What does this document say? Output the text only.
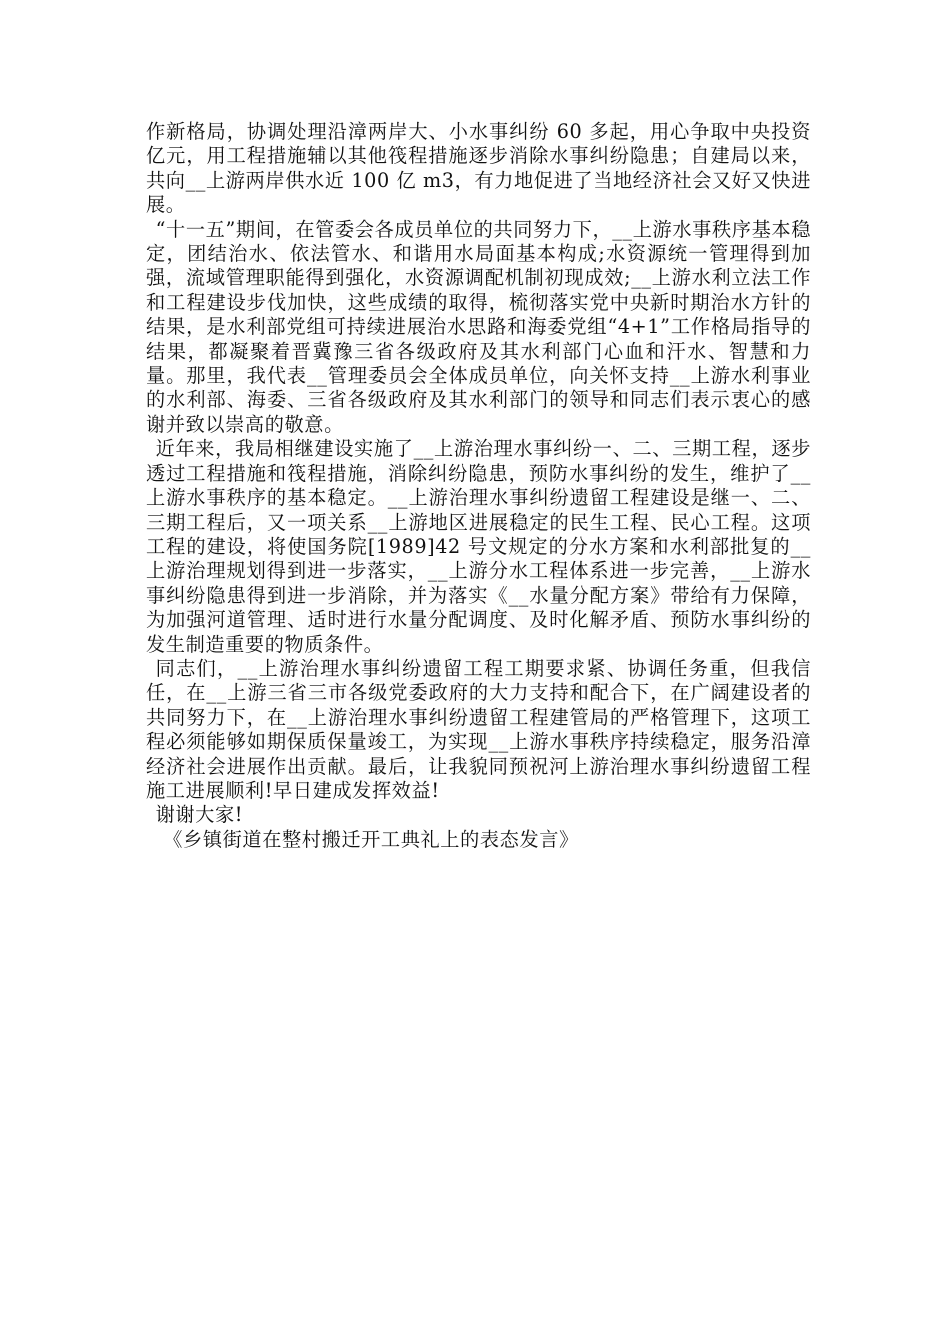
作新格局，协调处理沿漳两岸大、小水事纠纷 60 多起，用心争取中央投资亿元，用工程措施辅以其他筏程措施逐步消除水事纠纷隐患；自建局以来，共向__上游两岸供水近 100 亿 m3，有力地促进了当地经济社会又好又快进展。

“十一五”期间，在管委会各成员单位的共同努力下，__上游水事秩序基本稳定，团结治水、依法管水、和谐用水局面基本构成;水资源统一管理得到加强，流域管理职能得到强化，水资源调配机制初现成效;__上游水利立法工作和工程建设步伐加快，这些成绩的取得，梳彻落实党中央新时期治水方针的结果，是水利部党组可持续进展治水思路和海委党组“4+1”工作格局指导的结果，都凝聚着晋冀豫三省各级政府及其水利部门心血和汗水、智慧和力量。那里，我代表__管理委员会全体成员单位，向关怀支持__上游水利事业的水利部、海委、三省各级政府及其水利部门的领导和同志们表示衷心的感谢并致以崇高的敬意。

近年来，我局相继建设实施了__上游治理水事纠纷一、二、三期工程，逐步透过工程措施和筏程措施，消除纠纷隐患，预防水事纠纷的发生，维护了__上游水事秩序的基本稳定。__上游治理水事纠纷遗留工程建设是继一、二、三期工程后，又一项关系__上游地区进展稳定的民生工程、民心工程。这项工程的建设，将使国务院[1989]42 号文规定的分水方案和水利部批复的__上游治理规划得到进一步落实，__上游分水工程体系进一步完善，__上游水事纠纷隐患得到进一步消除，并为落实《__水量分配方案》带给有力保障，为加强河道管理、适时进行水量分配调度、及时化解矛盾、预防水事纠纷的发生制造重要的物质条件。

同志们，__上游治理水事纠纷遗留工程工期要求紧、协调任务重，但我信任，在__上游三省三市各级党委政府的大力支持和配合下，在广阔建设者的共同努力下，在__上游治理水事纠纷遗留工程建管局的严格管理下，这项工程必须能够如期保质保量竣工，为实现__上游水事秩序持续稳定，服务沿漳经济社会进展作出贡献。最后，让我貌同预祝河上游治理水事纠纷遗留工程施工进展顺利!早日建成发挥效益!

谢谢大家!

《乡镇街道在整村搬迁开工典礼上的表态发言》
